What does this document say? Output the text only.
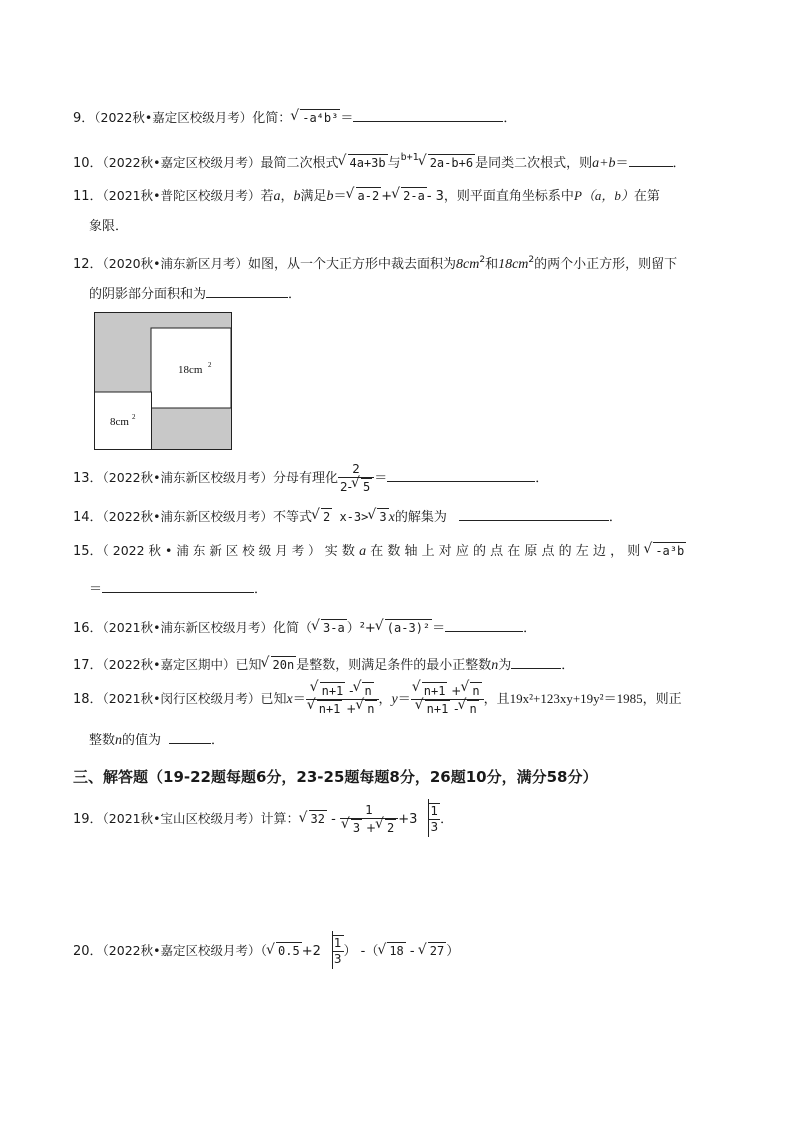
9．（2022秋•嘉定区校级月考）化简： √ -a⁴b³ ＝	．
10．（2022秋•嘉定区校级月考）最简二次根式 √ 4a+3b 与$^{b+1}$ √ 2a-b+6 是同类二次根式，则a+b＝	．
11．（2021秋•普陀区校级月考）若a，b满足b＝ √ a-2 + √ 2-a - 3，则平面直角坐标系中P（a，b）在第
象限．
12．（2020秋•浦东新区月考）如图，从一个大正方形中裁去面积为$8cm^2$和$18cm^2$的两个小正方形，则留下
的阴影部分面积和为	．
18cm 2
8cm 2
13．（2022秋•浦东新区校级月考）分母有理化 $\frac{2}{2- √ 5}$ ＝	．
14．（2022秋•浦东新区校级月考）不等式 √ 2 x-3> √ 3 x的解集为	．
15．（ 2022 秋 • 浦 东 新 区 校 级 月 考 ） 实 数 a 在 数 轴 上 对 应 的 点 在 原 点 的 左 边 ， 则 √ -a³b
＝	．
16．（2021秋•浦东新区校级月考）化简（ √ 3-a ）²+ √ (a-3)² ＝	．
17．（2022秋•嘉定区期中）已知 √ 20n 是整数，则满足条件的最小正整数n为	．
18．（2021秋•闵行区校级月考）已知x＝ √ n+1 - √ n
√ n+1 + √ n ，y＝ √ n+1 + √ n
√ n+1 - √ n ，且19x²+123xy+19y²＝1985，则正
整数n的值为	．
三、解答题（19-22题每题6分，23-25题每题8分，26题10分，满分58分）
19．（2021秋•宝山区校级月考）计算： √ 32 - 1
√ 3 + √ $2 +3 \frac{1}{3}$ ．
20．（2022秋•嘉定区校级月考）（ √ $0.5 +2 \frac{1}{3}$ ） -（ √ 18 - √ 27 ）
